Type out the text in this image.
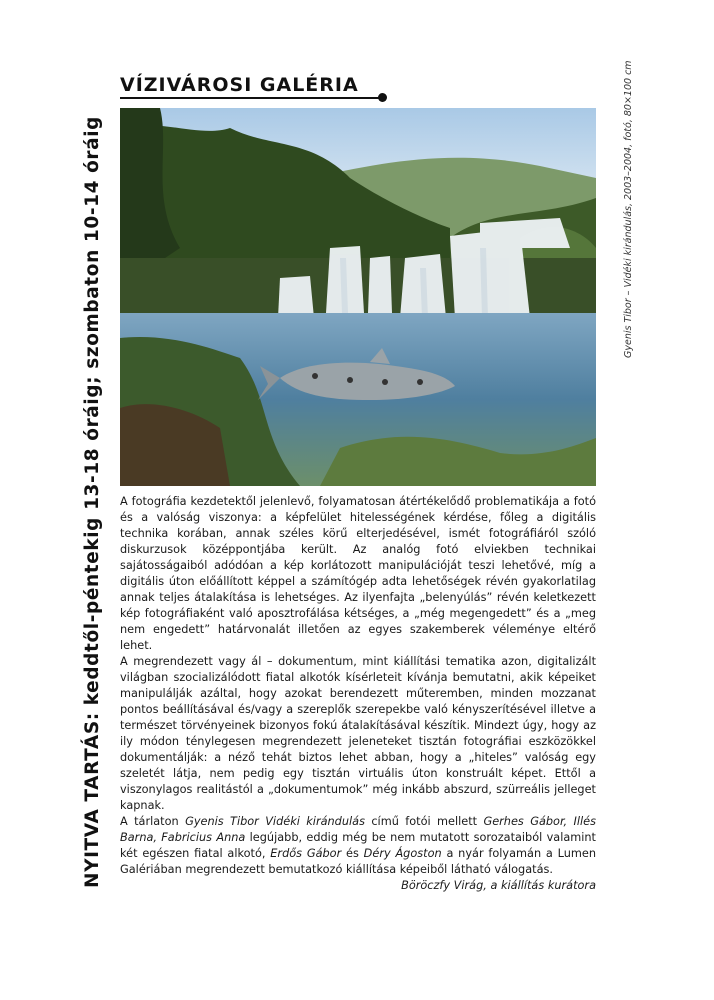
NYITVA TARTÁS: keddtől-péntekig 13-18 óráig; szombaton 10-14 óráig
VÍZIVÁROSI GALÉRIA	Gyenis Tibor – Vidéki kirándulás, 2003–2004, fotó, 80×100 cm

A fotográfia kezdetektől jelenlevő, folyamatosan átértékelődő problematikája a fotó és a valóság viszonya: a képfelület hitelességének kérdése, főleg a digitális technika korában, annak széles körű elterjedésével, ismét fotográfiáról szóló diskurzusok középpontjába került. Az analóg fotó elviekben technikai sajátosságaiból adódóan a kép korlátozott manipulációját teszi lehetővé, míg a digitális úton előállított képpel a számítógép adta lehetőségek révén gyakorlatilag annak teljes átalakítása is lehetséges. Az ilyenfajta „belenyúlás” révén keletkezett kép fotográfiaként való aposztrofálása kétséges, a „még megengedett” és a „meg nem engedett” határvonalát illetően az egyes szakemberek véleménye eltérő lehet.

A megrendezett vagy ál – dokumentum, mint kiállítási tematika azon, digitalizált világban szocializálódott fiatal alkotók kísérleteit kívánja bemutatni, akik képeiket manipulálják azáltal, hogy azokat berendezett műteremben, minden mozzanat pontos beállításával és/vagy a szereplők szerepekbe való kényszerítésével illetve a természet törvényeinek bizonyos fokú átalakításával készítik. Mindezt úgy, hogy az ily módon ténylegesen megrendezett jeleneteket tisztán fotográfiai eszközökkel dokumentálják: a néző tehát biztos lehet abban, hogy a „hiteles” valóság egy szeletét látja, nem pedig egy tisztán virtuális úton konstruált képet. Ettől a viszonylagos realitástól a „dokumentumok” még inkább abszurd, szürreális jelleget kapnak.

A tárlaton Gyenis Tibor Vidéki kirándulás című fotói mellett Gerhes Gábor, Illés Barna, Fabricius Anna legújabb, eddig még be nem mutatott sorozataiból valamint két egészen fiatal alkotó, Erdős Gábor és Déry Ágoston a nyár folyamán a Lumen Galériában megrendezett bemutatkozó kiállítása képeiből látható válogatás.

Böröczfy Virág, a kiállítás kurátora
